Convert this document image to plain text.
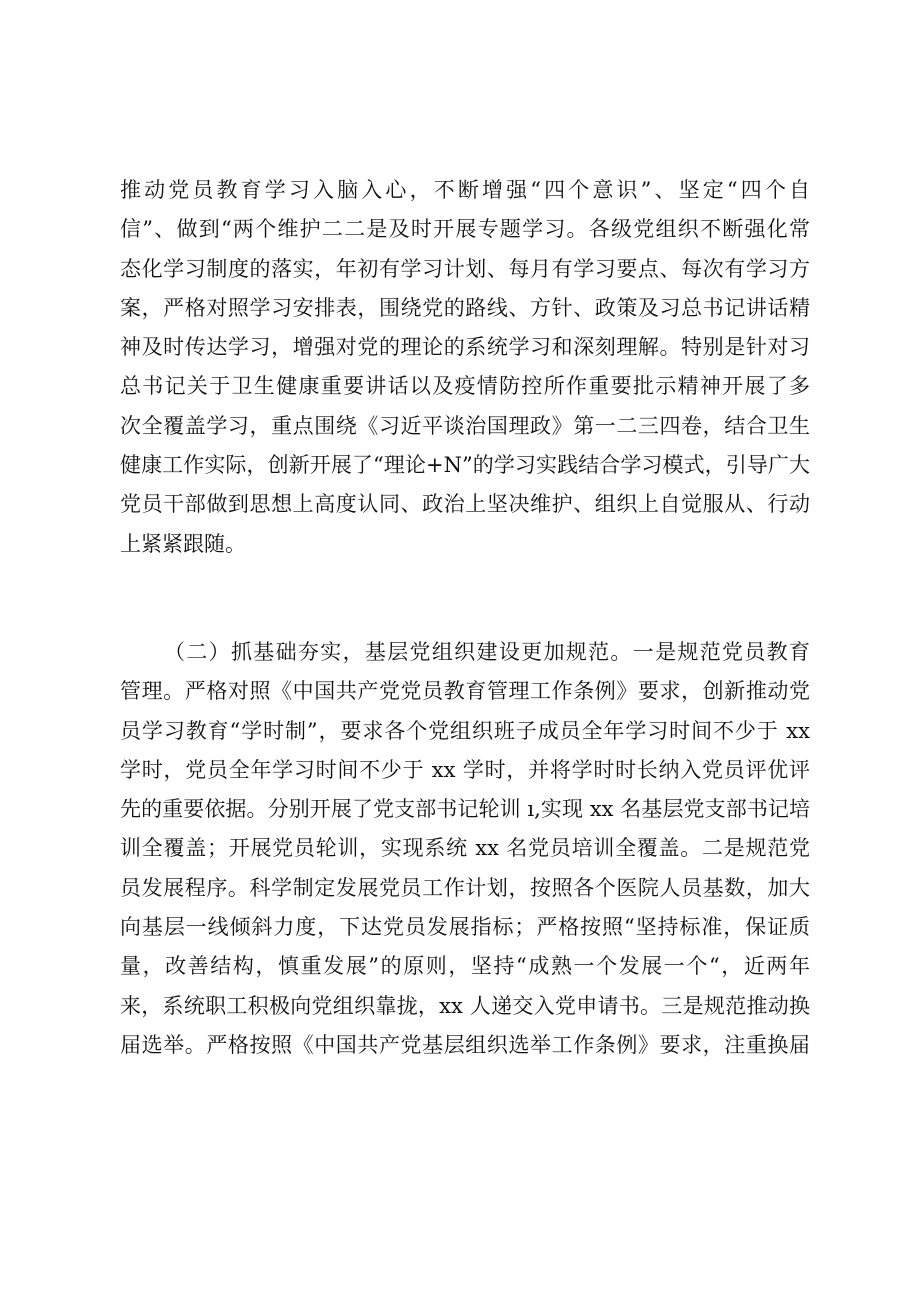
推动党员教育学习入脑入心，不断增强“四个意识”、坚定“四个自
信”、做到“两个维护二二是及时开展专题学习。各级党组织不断强化常
态化学习制度的落实，年初有学习计划、每月有学习要点、每次有学习方
案，严格对照学习安排表，围绕党的路线、方针、政策及习总书记讲话精
神及时传达学习，增强对党的理论的系统学习和深刻理解。特别是针对习
总书记关于卫生健康重要讲话以及疫情防控所作重要批示精神开展了多
次全覆盖学习，重点围绕《习近平谈治国理政》第一二三四卷，结合卫生
健康工作实际，创新开展了“理论+N”的学习实践结合学习模式，引导广大
党员干部做到思想上高度认同、政治上坚决维护、组织上自觉服从、行动
上紧紧跟随。
（二）抓基础夯实，基层党组织建设更加规范。一是规范党员教育
管理。严格对照《中国共产党党员教育管理工作条例》要求，创新推动党
员学习教育“学时制”，要求各个党组织班子成员全年学习时间不少于 xx
学时，党员全年学习时间不少于 xx 学时，并将学时时长纳入党员评优评
先的重要依据。分别开展了党支部书记轮训 ı,实现 xx 名基层党支部书记培
训全覆盖；开展党员轮训，实现系统 xx 名党员培训全覆盖。二是规范党
员发展程序。科学制定发展党员工作计划，按照各个医院人员基数，加大
向基层一线倾斜力度，下达党员发展指标；严格按照“坚持标准，保证质
量，改善结构，慎重发展”的原则，坚持“成熟一个发展一个“，近两年
来，系统职工积极向党组织靠拢，xx 人递交入党申请书。三是规范推动换
届选举。严格按照《中国共产党基层组织选举工作条例》要求，注重换届
